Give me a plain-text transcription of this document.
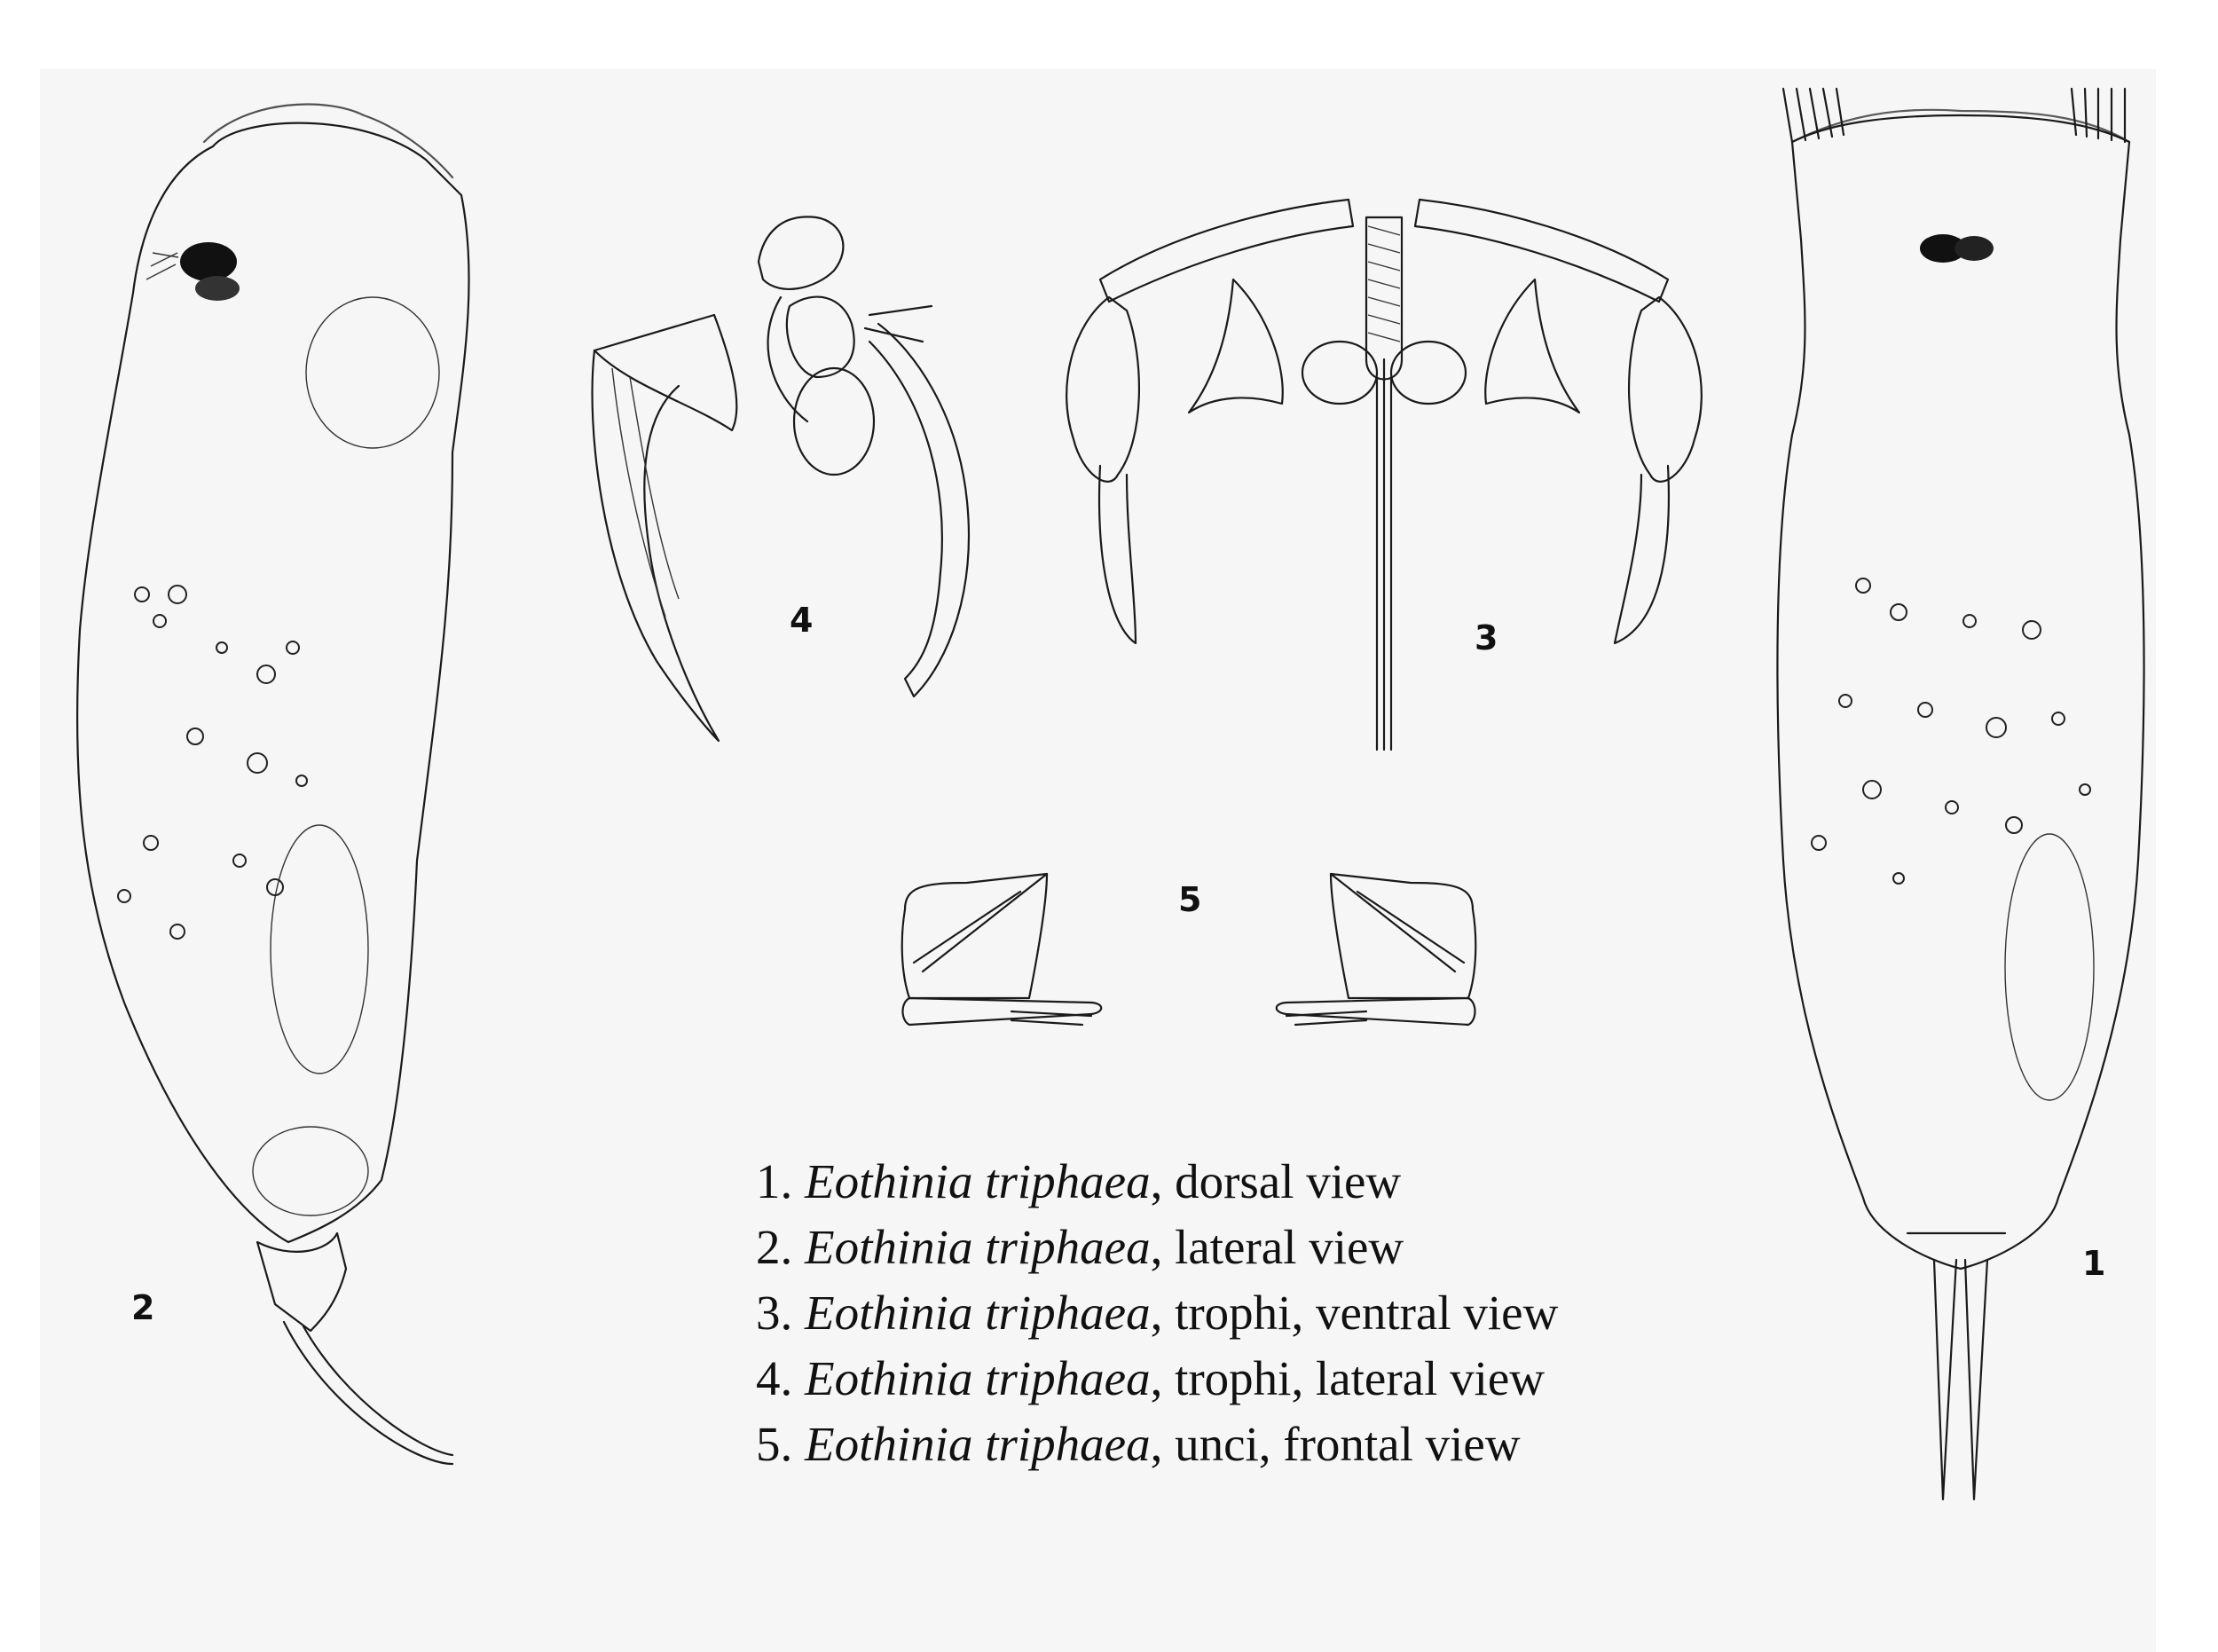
2
4	3
5
1
1. Eothinia triphaea, dorsal view
2. Eothinia triphaea, lateral view
3. Eothinia triphaea, trophi, ventral view
4. Eothinia triphaea, trophi, lateral view
5. Eothinia triphaea, unci, frontal view
